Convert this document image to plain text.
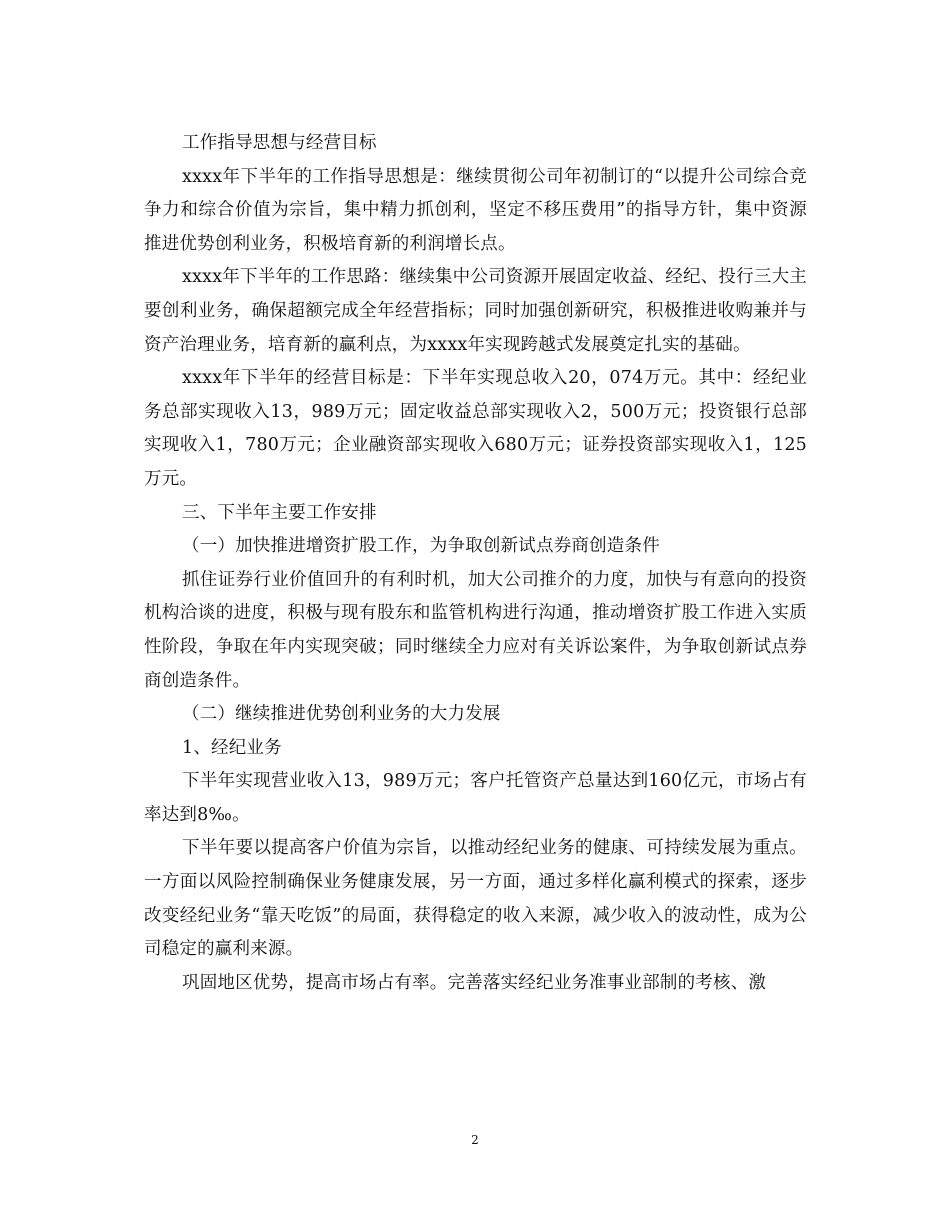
工作指导思想与经营目标

xxxx年下半年的工作指导思想是：继续贯彻公司年初制订的“以提升公司综合竞争力和综合价值为宗旨，集中精力抓创利，坚定不移压费用”的指导方针，集中资源推进优势创利业务，积极培育新的利润增长点。

xxxx年下半年的工作思路：继续集中公司资源开展固定收益、经纪、投行三大主要创利业务，确保超额完成全年经营指标；同时加强创新研究，积极推进收购兼并与资产治理业务，培育新的赢利点，为xxxx年实现跨越式发展奠定扎实的基础。

xxxx年下半年的经营目标是：下半年实现总收入20，074万元。其中：经纪业务总部实现收入13，989万元；固定收益总部实现收入2，500万元；投资银行总部实现收入1，780万元；企业融资部实现收入680万元；证券投资部实现收入1，125万元。

三、下半年主要工作安排

（一）加快推进增资扩股工作，为争取创新试点券商创造条件

抓住证券行业价值回升的有利时机，加大公司推介的力度，加快与有意向的投资机构洽谈的进度，积极与现有股东和监管机构进行沟通，推动增资扩股工作进入实质性阶段，争取在年内实现突破；同时继续全力应对有关诉讼案件，为争取创新试点券商创造条件。

（二）继续推进优势创利业务的大力发展

1、经纪业务

下半年实现营业收入13，989万元；客户托管资产总量达到160亿元，市场占有率达到8‰。

下半年要以提高客户价值为宗旨，以推动经纪业务的健康、可持续发展为重点。一方面以风险控制确保业务健康发展，另一方面，通过多样化赢利模式的探索，逐步改变经纪业务“靠天吃饭”的局面，获得稳定的收入来源，减少收入的波动性，成为公司稳定的赢利来源。

巩固地区优势，提高市场占有率。完善落实经纪业务准事业部制的考核、激

2
